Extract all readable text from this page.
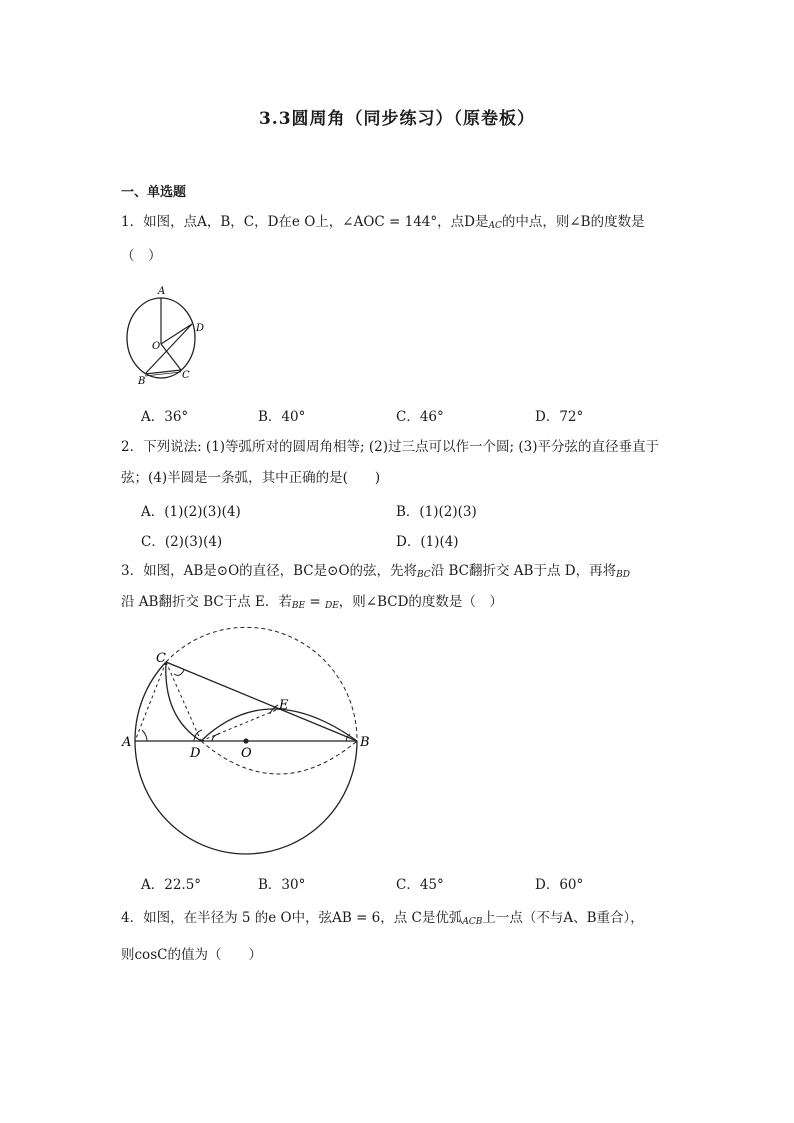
3.3圆周角（同步练习）（原卷板）
一、单选题
1．如图，点A，B，C，D在e O上，∠AOC = 144°，点D是AC的中点，则∠B的度数是
（　）
A
D
O
B
C
A．36°	B．40°	C．46°	D．72°
2．下列说法: (1)等弧所对的圆周角相等; (2)过三点可以作一个圆; (3)平分弦的直径垂直于
弦；(4)半圆是一条弧，其中正确的是(　　)
A．(1)(2)(3)(4)	B．(1)(2)(3)
C．(2)(3)(4)	D．(1)(4)
3．如图，AB是⊙O的直径，BC是⊙O的弦，先将BC沿 BC翻折交 AB于点 D，再将BD
沿 AB翻折交 BC于点 E．若BE = DE，则∠BCD的度数是（　）
C
E
A
D	O
B
A．22.5°	B．30°	C．45°	D．60°
4．如图，在半径为 5 的e O中，弦AB = 6，点 C是优弧ACB上一点（不与A、B重合），
则cosC的值为（　　）
